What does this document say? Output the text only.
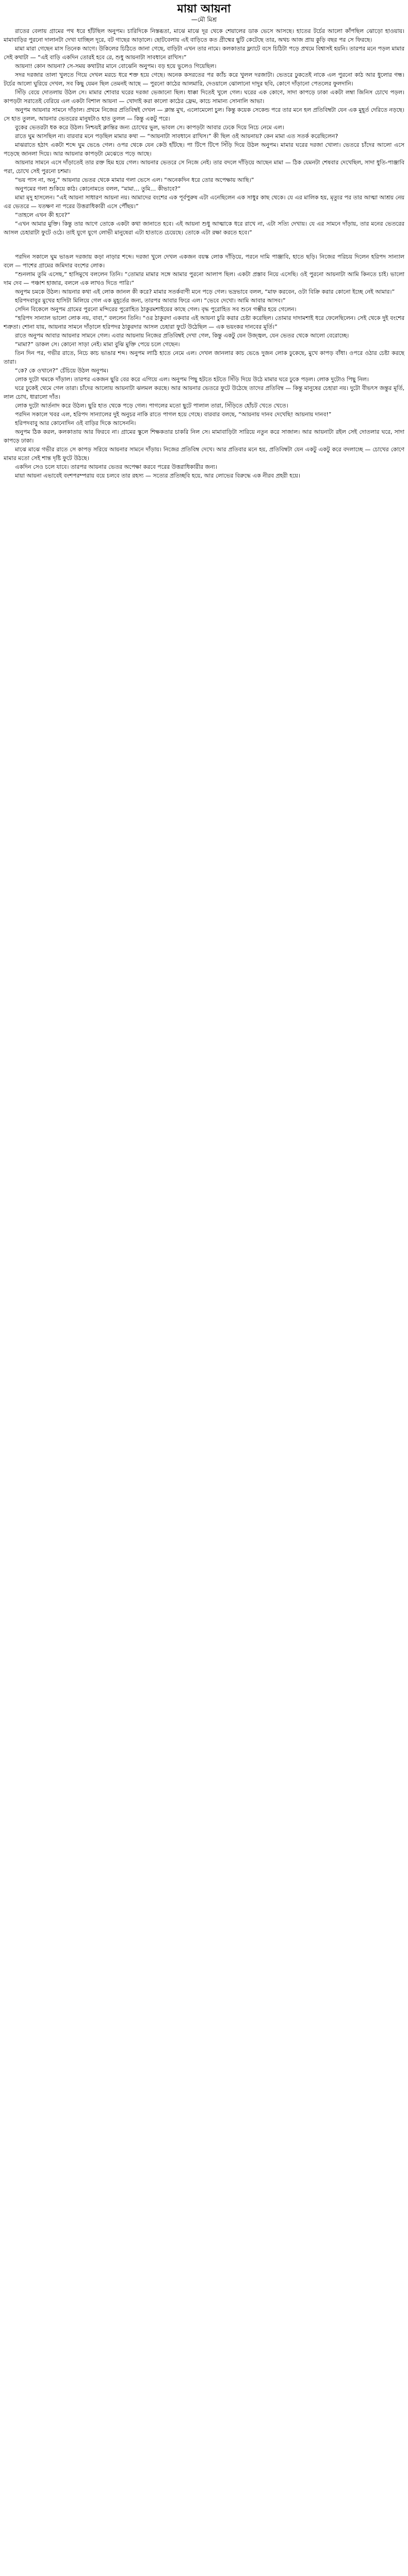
মায়া আয়না

—মৌ মিশ্র

রাতের বেলায় গ্রামের পথ ধরে হাঁটছিল অনুপম। চারিদিকে নিস্তব্ধতা, মাঝে মাঝে দূর থেকে শেয়ালের ডাক ভেসে আসছে। হাতের টর্চের আলো কাঁপছিল ঝোড়ো হাওয়ায়। মামাবাড়ির পুরনো দালানটা দেখা যাচ্ছিল দূরে, বট গাছের আড়ালে। ছোটবেলায় এই বাড়িতে কত গ্রীষ্মের ছুটি কেটেছে তার, অথচ আজ প্রায় কুড়ি বছর পর সে ফিরছে।

মামা মারা গেছেন মাস তিনেক আগে। উকিলের চিঠিতে জানা গেছে, বাড়িটা এখন তার নামে। কলকাতার ফ্ল্যাটে বসে চিঠিটা পড়ে প্রথমে বিশ্বাসই হয়নি। তারপর মনে পড়ল মামার সেই কথাটা — “এই বাড়ি একদিন তোরই হবে রে, শুধু আয়নাটা সাবধানে রাখিস।”

আয়না! কোন আয়না? সে-সময় কথাটার মানে বোঝেনি অনুপম। বড় হয়ে ভুলেও গিয়েছিল।

সদর দরজার তালা খুলতে গিয়ে দেখল মরচে ধরে শক্ত হয়ে গেছে। অনেক কসরতের পর ক্যাঁচ করে খুলল দরজাটা। ভেতরে ঢুকতেই নাকে এল পুরনো কাঠ আর ধুলোর গন্ধ। টর্চের আলো ঘুরিয়ে দেখল, সব কিছু যেমন ছিল তেমনই আছে — পুরনো কাঠের আলমারি, দেওয়ালে ঝোলানো দাদুর ছবি, কোণে দাঁড়ানো পেতলের ফুলদানি।

সিঁড়ি বেয়ে দোতলায় উঠল সে। মামার শোবার ঘরের দরজা ভেজানো ছিল। ধাক্কা দিতেই খুলে গেল। ঘরের এক কোণে, সাদা কাপড়ে ঢাকা একটা লম্বা জিনিস চোখে পড়ল। কাপড়টা সরাতেই বেরিয়ে এল একটা বিশাল আয়না — খোদাই করা কালো কাঠের ফ্রেম, কাচে সামান্য সোনালি আভা।

অনুপম আয়নার সামনে দাঁড়াল। প্রথমে নিজের প্রতিবিম্বই দেখল — ক্লান্ত মুখ, এলোমেলো চুল। কিন্তু কয়েক সেকেন্ড পরে তার মনে হল প্রতিবিম্বটা যেন এক মুহূর্ত দেরিতে নড়ছে। সে হাত তুলল, আয়নার ভেতরের মানুষটাও হাত তুলল — কিন্তু একটু পরে।

বুকের ভেতরটা ধক করে উঠল। নিশ্চয়ই ক্লান্তির জন্য চোখের ভুল, ভাবল সে। কাপড়টা আবার ঢেকে দিয়ে নিচে নেমে এল।

রাতে ঘুম আসছিল না। বারবার মনে পড়ছিল মামার কথা — “আয়নাটা সাবধানে রাখিস।” কী ছিল ওই আয়নায়? কেন মামা এত সতর্ক করেছিলেন?

মাঝরাতে হঠাৎ একটা শব্দে ঘুম ভেঙে গেল। ওপর থেকে যেন কেউ হাঁটছে। পা টিপে টিপে সিঁড়ি দিয়ে উঠল অনুপম। মামার ঘরের দরজা খোলা। ভেতরে চাঁদের আলো এসে পড়েছে জানলা দিয়ে। আর আয়নার কাপড়টা মেঝেতে পড়ে আছে।

আয়নার সামনে এসে দাঁড়াতেই তার রক্ত হিম হয়ে গেল। আয়নার ভেতরে সে নিজে নেই। তার বদলে দাঁড়িয়ে আছেন মামা — ঠিক যেমনটা শেষবার দেখেছিল, সাদা ধুতি-পাঞ্জাবি পরা, চোখে সেই পুরনো চশমা।

“ভয় পাস না, অনু,” আয়নার ভেতর থেকে মামার গলা ভেসে এল। “অনেকদিন ধরে তোর অপেক্ষায় আছি।”

অনুপমের গলা শুকিয়ে কাঠ। কোনোমতে বলল, “মামা… তুমি… কীভাবে?”

মামা মৃদু হাসলেন। “এই আয়না সাধারণ আয়না নয়। আমাদের বংশের এক পূর্বপুরুষ এটা এনেছিলেন এক সাধুর কাছ থেকে। যে এর মালিক হয়, মৃত্যুর পর তার আত্মা আশ্রয় নেয় এর ভেতরে — যতক্ষণ না পরের উত্তরাধিকারী এসে পৌঁছয়।”

“তাহলে এখন কী হবে?”

“এখন আমার মুক্তি। কিন্তু তার আগে তোকে একটা কথা জানাতে হবে। এই আয়না শুধু আত্মাকে ধরে রাখে না, এটা সত্যি দেখায়। যে এর সামনে দাঁড়ায়, তার মনের ভেতরের আসল চেহারাটা ফুটে ওঠে। তাই যুগে যুগে লোভী মানুষেরা এটা হাতাতে চেয়েছে। তোকে এটা রক্ষা করতে হবে।”

পরদিন সকালে ঘুম ভাঙল দরজায় কড়া নাড়ার শব্দে। দরজা খুলে দেখল একজন বয়স্ক লোক দাঁড়িয়ে, পরনে দামি পাঞ্জাবি, হাতে ছড়ি। নিজের পরিচয় দিলেন হরিপদ সান্যাল বলে — পাশের গ্রামের জমিদার বংশের লোক।

“শুনলাম তুমি এসেছ,” হাসিমুখে বললেন তিনি। “তোমার মামার সঙ্গে আমার পুরনো আলাপ ছিল। একটা প্রস্তাব নিয়ে এসেছি। ওই পুরনো আয়নাটা আমি কিনতে চাই। ভালো দাম দেব — পঞ্চাশ হাজার, বললে এক লাখও দিতে পারি।”

অনুপম চমকে উঠল। আয়নার কথা এই লোক জানল কী করে? মামার সতর্কবাণী মনে পড়ে গেল। ভদ্রভাবে বলল, “মাফ করবেন, ওটা বিক্রি করার কোনো ইচ্ছে নেই আমার।”

হরিপদবাবুর মুখের হাসিটা মিলিয়ে গেল এক মুহূর্তের জন্য, তারপর আবার ফিরে এল। “ভেবে দেখো। আমি আবার আসব।”

সেদিন বিকেলে অনুপম গ্রামের পুরনো মন্দিরের পুরোহিত ঠাকুরমশাইয়ের কাছে গেল। বৃদ্ধ পুরোহিত সব শুনে গম্ভীর হয়ে গেলেন।

“হরিপদ সান্যাল ভালো লোক নয়, বাবা,” বললেন তিনি। “ওর ঠাকুরদা একবার এই আয়না চুরি করার চেষ্টা করেছিল। তোমার দাদামশাই ধরে ফেলেছিলেন। সেই থেকে দুই বংশের শত্রুতা। শোনা যায়, আয়নার সামনে দাঁড়ালে হরিপদর ঠাকুরদার আসল চেহারা ফুটে উঠেছিল — এক ভয়ংকর দানবের মূর্তি।”

রাতে অনুপম আবার আয়নার সামনে গেল। এবার আয়নায় নিজের প্রতিবিম্বই দেখা গেল, কিন্তু একটু যেন উজ্জ্বল, যেন ভেতর থেকে আলো বেরোচ্ছে।

“মামা?” ডাকল সে। কোনো সাড়া নেই। মামা বুঝি মুক্তি পেয়ে চলে গেছেন।

তিন দিন পর, গভীর রাতে, নিচে কাচ ভাঙার শব্দ। অনুপম লাঠি হাতে নেমে এল। দেখল জানলার কাচ ভেঙে দুজন লোক ঢুকেছে, মুখে কাপড় বাঁধা। ওপরে ওঠার চেষ্টা করছে তারা।

“কে? কে ওখানে?” চেঁচিয়ে উঠল অনুপম।

লোক দুটো থমকে দাঁড়াল। তারপর একজন ছুরি বের করে এগিয়ে এল। অনুপম পিছু হটতে হটতে সিঁড়ি দিয়ে উঠে মামার ঘরে ঢুকে পড়ল। লোক দুটোও পিছু নিল।

ঘরে ঢুকেই থেমে গেল তারা। চাঁদের আলোয় আয়নাটা ঝলমল করছে। আর আয়নার ভেতরে ফুটে উঠেছে তাদের প্রতিবিম্ব — কিন্তু মানুষের চেহারা নয়। দুটো বীভৎস জন্তুর মূর্তি, লাল চোখ, ধারালো দাঁত।

লোক দুটো আর্তনাদ করে উঠল। ছুরি হাত থেকে পড়ে গেল। পাগলের মতো ছুটে পালাল তারা, সিঁড়িতে হোঁচট খেতে খেতে।

পরদিন সকালে খবর এল, হরিপদ সান্যালের দুই অনুচর নাকি রাতে পাগল হয়ে গেছে। বারবার বলছে, “আয়নায় দানব দেখেছি! আয়নায় দানব!”

হরিপদবাবু আর কোনোদিন ওই বাড়ির দিকে আসেননি।

অনুপম ঠিক করল, কলকাতায় আর ফিরবে না। গ্রামের স্কুলে শিক্ষকতার চাকরি নিল সে। মামাবাড়িটা সারিয়ে নতুন করে সাজাল। আর আয়নাটা রইল সেই দোতলার ঘরে, সাদা কাপড়ে ঢাকা।

মাঝে মাঝে গভীর রাতে সে কাপড় সরিয়ে আয়নার সামনে দাঁড়ায়। নিজের প্রতিবিম্ব দেখে। আর প্রতিবার মনে হয়, প্রতিবিম্বটা যেন একটু একটু করে বদলাচ্ছে — চোখের কোণে মামার মতো সেই শান্ত দৃষ্টি ফুটে উঠছে।

একদিন সেও চলে যাবে। তারপর আয়নার ভেতর অপেক্ষা করবে পরের উত্তরাধিকারীর জন্য।

মায়া আয়না এভাবেই বংশপরম্পরায় বয়ে চলবে তার রহস্য — সত্যের প্রতিচ্ছবি হয়ে, আর লোভের বিরুদ্ধে এক নীরব প্রহরী হয়ে।
